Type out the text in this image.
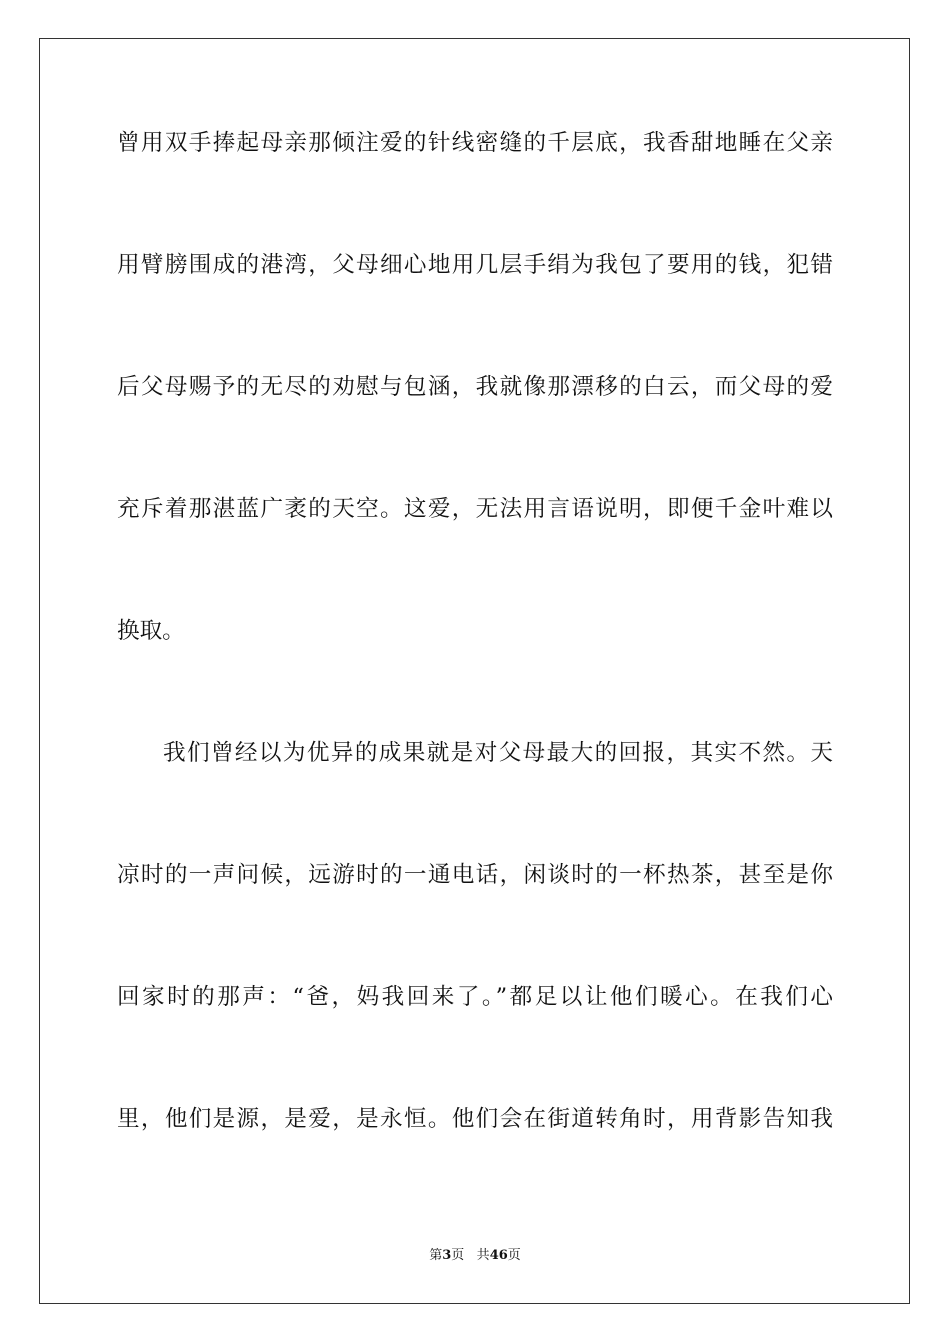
曾用双手捧起母亲那倾注爱的针线密缝的千层底，我香甜地睡在父亲
用臂膀围成的港湾，父母细心地用几层手绢为我包了要用的钱，犯错
后父母赐予的无尽的劝慰与包涵，我就像那漂移的白云，而父母的爱
充斥着那湛蓝广袤的天空。这爱，无法用言语说明，即便千金叶难以
换取。
我们曾经以为优异的成果就是对父母最大的回报，其实不然。天
凉时的一声问候，远游时的一通电话，闲谈时的一杯热茶，甚至是你
回家时的那声：“爸，妈我回来了。”都足以让他们暖心。在我们心
里，他们是源，是爱，是永恒。他们会在街道转角时，用背影告知我
第3页 共46页
